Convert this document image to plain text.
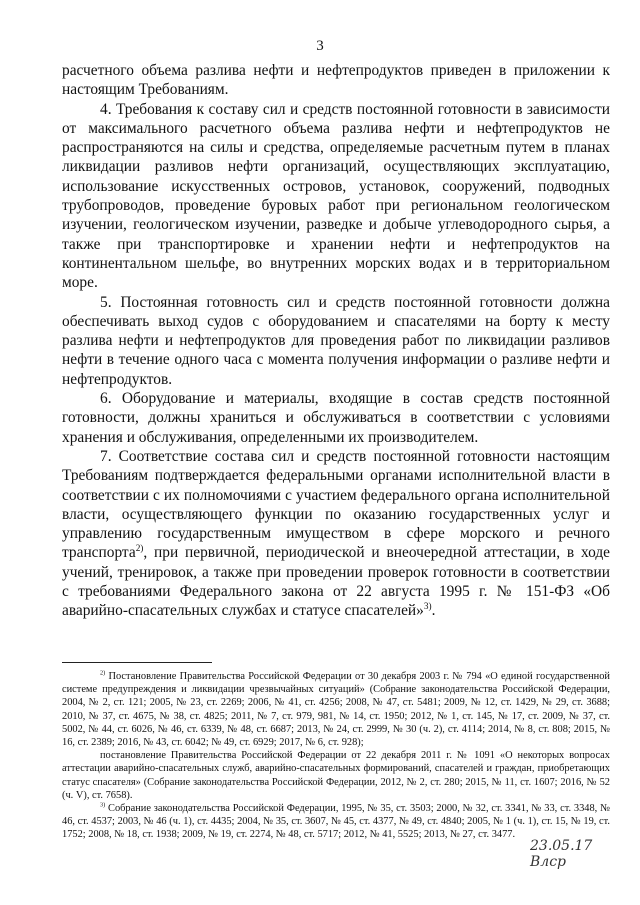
3

расчетного объема разлива нефти и нефтепродуктов приведен в приложении к настоящим Требованиям.

4. Требования к составу сил и средств постоянной готовности в зависимости от максимального расчетного объема разлива нефти и нефтепродуктов не распространяются на силы и средства, определяемые расчетным путем в планах ликвидации разливов нефти организаций, осуществляющих эксплуатацию, использование искусственных островов, установок, сооружений, подводных трубопроводов, проведение буровых работ при региональном геологическом изучении, геологическом изучении, разведке и добыче углеводородного сырья, а также при транспортировке и хранении нефти и нефтепродуктов на континентальном шельфе, во внутренних морских водах и в территориальном море.

5. Постоянная готовность сил и средств постоянной готовности должна обеспечивать выход судов с оборудованием и спасателями на борту к месту разлива нефти и нефтепродуктов для проведения работ по ликвидации разливов нефти в течение одного часа с момента получения информации о разливе нефти и нефтепродуктов.

6. Оборудование и материалы, входящие в состав средств постоянной готовности, должны храниться и обслуживаться в соответствии с условиями хранения и обслуживания, определенными их производителем.

7. Соответствие состава сил и средств постоянной готовности настоящим Требованиям подтверждается федеральными органами исполнительной власти в соответствии с их полномочиями с участием федерального органа исполнительной власти, осуществляющего функции по оказанию государственных услуг и управлению государственным имуществом в сфере морского и речного транспорта$^{2)}$, при первичной, периодической и внеочередной аттестации, в ходе учений, тренировок, а также при проведении проверок готовности в соответствии с требованиями Федерального закона от 22 августа 1995 г. № 151-ФЗ «Об аварийно-спасательных службах и статусе спасателей»$^{3)}$.

$^{2)}$ Постановление Правительства Российской Федерации от 30 декабря 2003 г. № 794 «О единой государственной системе предупреждения и ликвидации чрезвычайных ситуаций» (Собрание законодательства Российской Федерации, 2004, № 2, ст. 121; 2005, № 23, ст. 2269; 2006, № 41, ст. 4256; 2008, № 47, ст. 5481; 2009, № 12, ст. 1429, № 29, ст. 3688; 2010, № 37, ст. 4675, № 38, ст. 4825; 2011, № 7, ст. 979, 981, № 14, ст. 1950; 2012, № 1, ст. 145, № 17, ст. 2009, № 37, ст. 5002, № 44, ст. 6026, № 46, ст. 6339, № 48, ст. 6687; 2013, № 24, ст. 2999, № 30 (ч. 2), ст. 4114; 2014, № 8, ст. 808; 2015, № 16, ст. 2389; 2016, № 43, ст. 6042; № 49, ст. 6929; 2017, № 6, ст. 928);

постановление Правительства Российской Федерации от 22 декабря 2011 г. № 1091 «О некоторых вопросах аттестации аварийно-спасательных служб, аварийно-спасательных формирований, спасателей и граждан, приобретающих статус спасателя» (Собрание законодательства Российской Федерации, 2012, № 2, ст. 280; 2015, № 11, ст. 1607; 2016, № 52 (ч. V), ст. 7658).

$^{3)}$ Собрание законодательства Российской Федерации, 1995, № 35, ст. 3503; 2000, № 32, ст. 3341, № 33, ст. 3348, № 46, ст. 4537; 2003, № 46 (ч. 1), ст. 4435; 2004, № 35, ст. 3607, № 45, ст. 4377, № 49, ст. 4840; 2005, № 1 (ч. 1), ст. 15, № 19, ст. 1752; 2008, № 18, ст. 1938; 2009, № 19, ст. 2274, № 48, ст. 5717; 2012, № 41, 5525; 2013, № 27, ст. 3477.

23.05.17
Влср
